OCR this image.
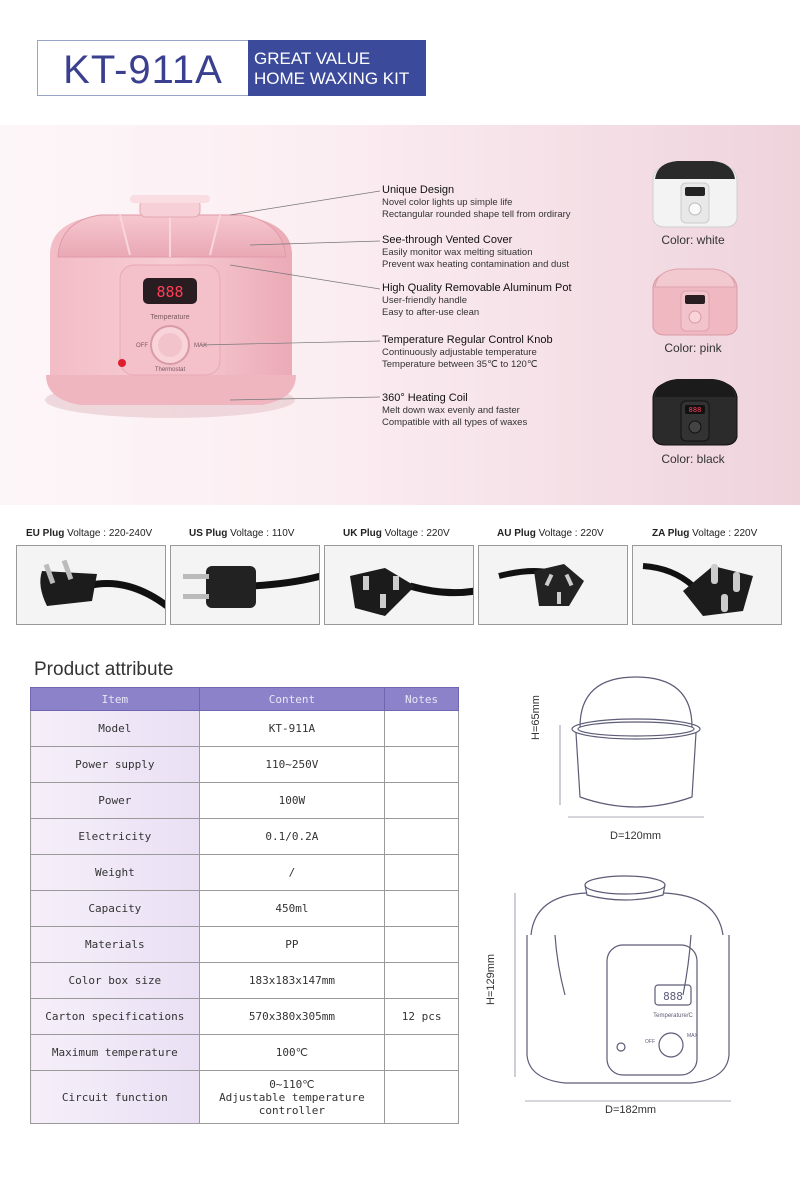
KT-911A	GREAT VALUE
HOME WAXING KIT
888
Temperature
OFF	MAX
Thermostat

Unique Design

Novel color lights up simple life

Rectangular rounded shape tell from ordirary

See-through Vented Cover

Easily monitor wax melting situation

Prevent wax heating contamination and dust

High Quality Removable Aluminum Pot

User-friendly handle

Easy to after-use clean

Temperature Regular Control Knob

Continuously adjustable temperature

Temperature between 35℃ to 120℃

360° Heating Coil

Melt down wax evenly and faster

Compatible with all types of waxes

Color: white
Color: pink
888
Color: black
EU Plug Voltage : 220-240V	US Plug Voltage : 110V	UK Plug Voltage : 220V	AU Plug Voltage : 220V	ZA Plug Voltage : 220V
Product attribute
Item	Content	Notes
Model	KT-911A	
Power supply	110~250V	
Power	100W	
Electricity	0.1/0.2A	
Weight	/	
Capacity	450ml	
Materials	PP	
Color box size	183x183x147mm	
Carton specifications	570x380x305mm	12 pcs
Maximum temperature	100℃	
Circuit function	0~110℃
Adjustable temperature
controller	
H=65mm
D=120mm
888
Temperature/C
OFF
MAX
H=129mm
D=182mm
